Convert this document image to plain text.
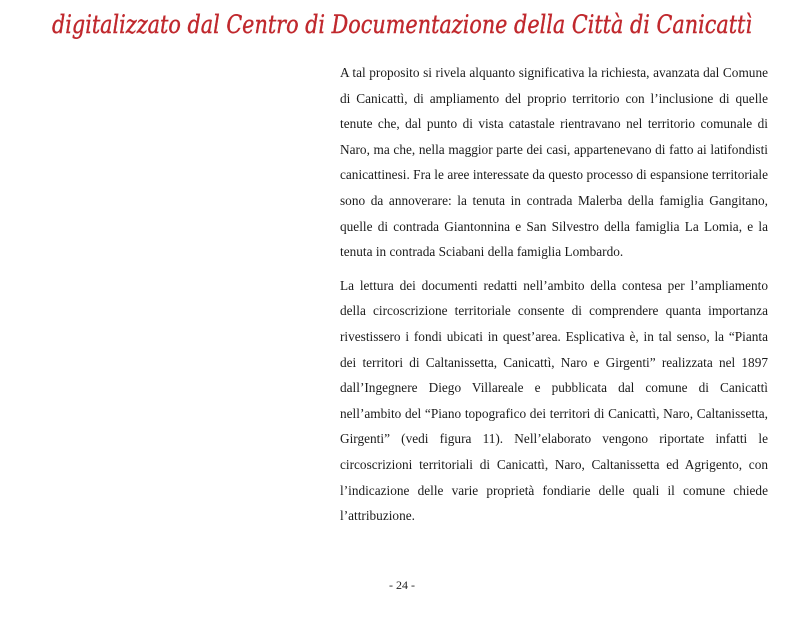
digitalizzato dal Centro di Documentazione della Città di Canicattì

A tal proposito si rivela alquanto significativa la richiesta, avanzata dal Comune di Canicattì, di ampliamento del proprio territorio con l’inclusione di quelle tenute che, dal punto di vista catastale rientravano nel territorio comunale di Naro, ma che, nella maggior parte dei casi, appartenevano di fatto ai latifondisti canicattinesi. Fra le aree interessate da questo processo di espansione territoriale sono da annoverare: la tenuta in contrada Malerba della famiglia Gangitano, quelle di contrada Giantonnina e San Silvestro della famiglia La Lomia, e la tenuta in contrada Sciabani della famiglia Lombardo.

La lettura dei documenti redatti nell’ambito della contesa per l’ampliamento della circoscrizione territoriale consente di comprendere quanta importanza rivestissero i fondi ubicati in quest’area. Esplicativa è, in tal senso, la “Pianta dei territori di Caltanissetta, Canicattì, Naro e Girgenti” realizzata nel 1897 dall’Ingegnere Diego Villareale e pubblicata dal comune di Canicattì nell’ambito del “Piano topografico dei territori di Canicattì, Naro, Caltanissetta, Girgenti” (vedi figura 11). Nell’elaborato vengono riportate infatti le circoscrizioni territoriali di Canicattì, Naro, Caltanissetta ed Agrigento, con l’indicazione delle varie proprietà fondiarie delle quali il comune chiede l’attribuzione.

- 24 -
